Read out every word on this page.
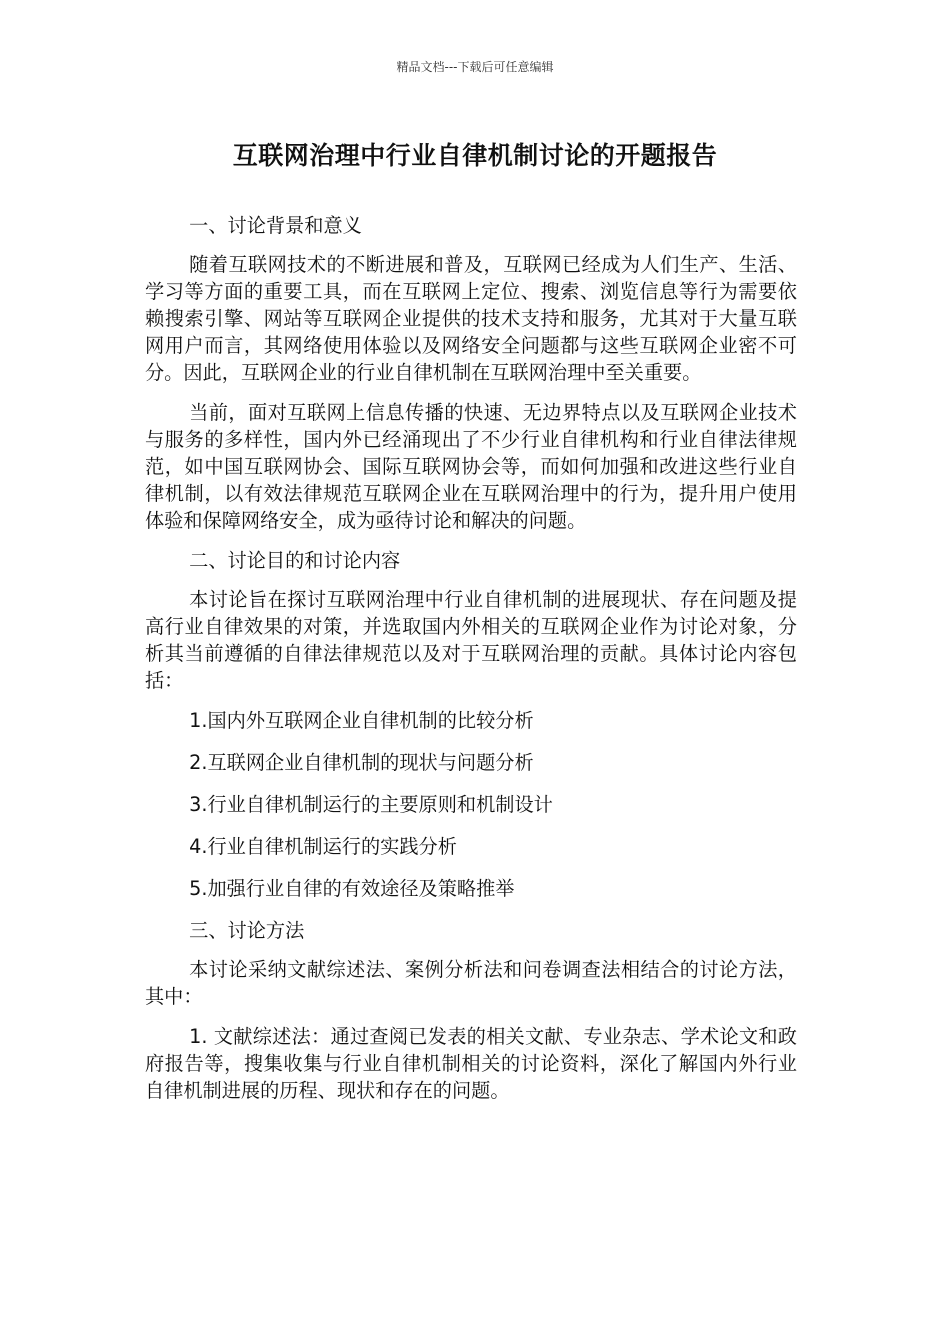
精品文档---下载后可任意编辑
互联网治理中行业自律机制讨论的开题报告

一、讨论背景和意义

随着互联网技术的不断进展和普及，互联网已经成为人们生产、生活、学习等方面的重要工具，而在互联网上定位、搜索、浏览信息等行为需要依赖搜索引擎、网站等互联网企业提供的技术支持和服务，尤其对于大量互联网用户而言，其网络使用体验以及网络安全问题都与这些互联网企业密不可分。因此，互联网企业的行业自律机制在互联网治理中至关重要。

当前，面对互联网上信息传播的快速、无边界特点以及互联网企业技术与服务的多样性，国内外已经涌现出了不少行业自律机构和行业自律法律规范，如中国互联网协会、国际互联网协会等，而如何加强和改进这些行业自律机制，以有效法律规范互联网企业在互联网治理中的行为，提升用户使用体验和保障网络安全，成为亟待讨论和解决的问题。

二、讨论目的和讨论内容

本讨论旨在探讨互联网治理中行业自律机制的进展现状、存在问题及提高行业自律效果的对策，并选取国内外相关的互联网企业作为讨论对象，分析其当前遵循的自律法律规范以及对于互联网治理的贡献。具体讨论内容包括：

1.国内外互联网企业自律机制的比较分析

2.互联网企业自律机制的现状与问题分析

3.行业自律机制运行的主要原则和机制设计

4.行业自律机制运行的实践分析

5.加强行业自律的有效途径及策略推举

三、讨论方法

本讨论采纳文献综述法、案例分析法和问卷调查法相结合的讨论方法，其中：

1. 文献综述法：通过查阅已发表的相关文献、专业杂志、学术论文和政府报告等，搜集收集与行业自律机制相关的讨论资料，深化了解国内外行业自律机制进展的历程、现状和存在的问题。
